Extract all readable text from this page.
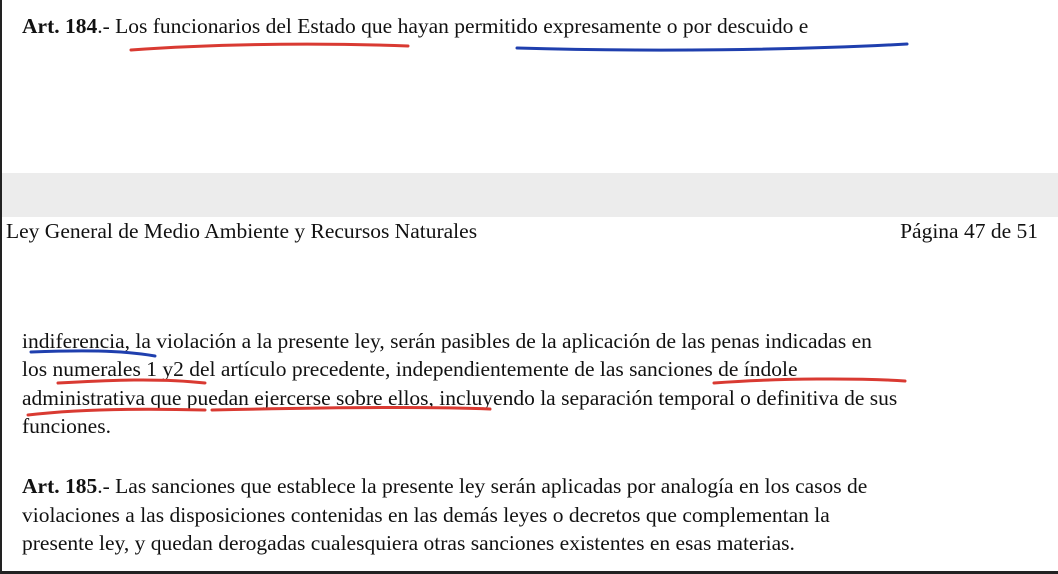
Art. 184.- Los funcionarios del Estado que hayan permitido expresamente o por descuido e
Ley General de Medio Ambiente y Recursos Naturales	Página 47 de 51
indiferencia, la violación a la presente ley, serán pasibles de la aplicación de las penas indicadas en
los numerales 1 y2 del artículo precedente, independientemente de las sanciones de índole
administrativa que puedan ejercerse sobre ellos, incluyendo la separación temporal o definitiva de sus
funciones.
Art. 185.- Las sanciones que establece la presente ley serán aplicadas por analogía en los casos de
violaciones a las disposiciones contenidas en las demás leyes o decretos que complementan la
presente ley, y quedan derogadas cualesquiera otras sanciones existentes en esas materias.
